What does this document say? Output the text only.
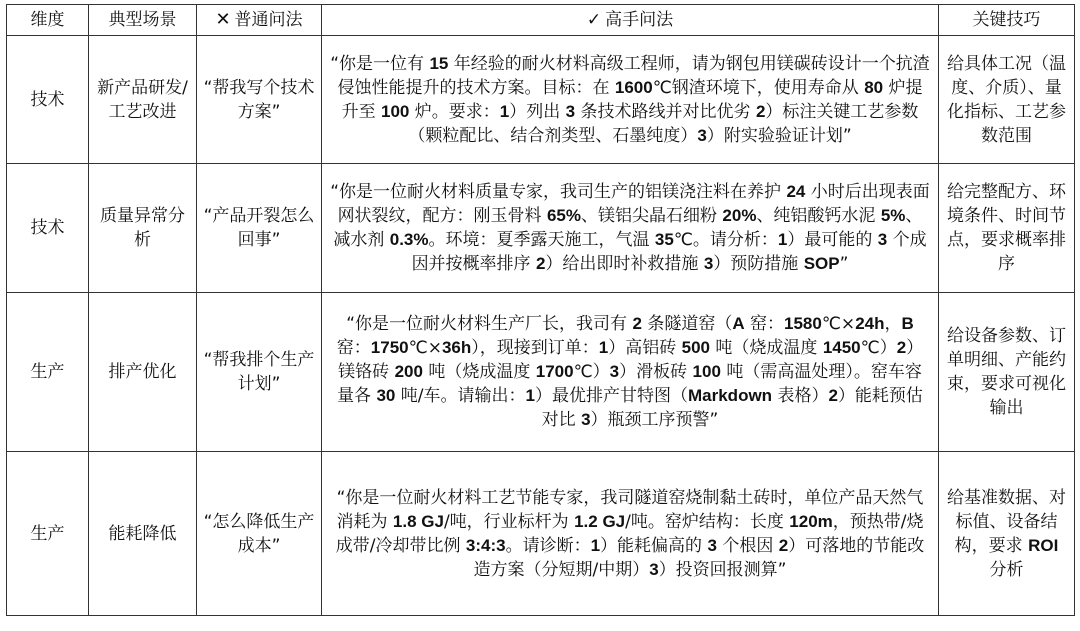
维度	典型场景	✕ 普通问法	✓ 高手问法	关键技巧
技术	新产品研发/工艺改进	“帮我写个技术方案”	“你是一位有 15 年经验的耐火材料高级工程师，请为钢包用镁碳砖设计一个抗渣侵蚀性能提升的技术方案。目标：在 1600℃钢渣环境下，使用寿命从 80 炉提升至 100 炉。要求：1）列出 3 条技术路线并对比优劣 2）标注关键工艺参数（颗粒配比、结合剂类型、石墨纯度）3）附实验验证计划”	给具体工况（温度、介质）、量化指标、工艺参数范围
技术	质量异常分析	“产品开裂怎么回事”	“你是一位耐火材料质量专家，我司生产的铝镁浇注料在养护 24 小时后出现表面网状裂纹，配方：刚玉骨料 65%、镁铝尖晶石细粉 20%、纯铝酸钙水泥 5%、减水剂 0.3%。环境：夏季露天施工，气温 35℃。请分析：1）最可能的 3 个成因并按概率排序 2）给出即时补救措施 3）预防措施 SOP”	给完整配方、环境条件、时间节点，要求概率排序
生产	排产优化	“帮我排个生产计划”	“你是一位耐火材料生产厂长，我司有 2 条隧道窑（A 窑：1580℃×24h，B 窑：1750℃×36h），现接到订单：1）高铝砖 500 吨（烧成温度 1450℃）2）镁铬砖 200 吨（烧成温度 1700℃）3）滑板砖 100 吨（需高温处理）。窑车容量各 30 吨/车。请输出：1）最优排产甘特图（Markdown 表格）2）能耗预估对比 3）瓶颈工序预警”	给设备参数、订单明细、产能约束，要求可视化输出
生产	能耗降低	“怎么降低生产成本”	“你是一位耐火材料工艺节能专家，我司隧道窑烧制黏土砖时，单位产品天然气消耗为 1.8 GJ/吨，行业标杆为 1.2 GJ/吨。窑炉结构：长度 120m，预热带/烧成带/冷却带比例 3:4:3。请诊断：1）能耗偏高的 3 个根因 2）可落地的节能改造方案（分短期/中期）3）投资回报测算”	给基准数据、对标值、设备结构，要求 ROI 分析
